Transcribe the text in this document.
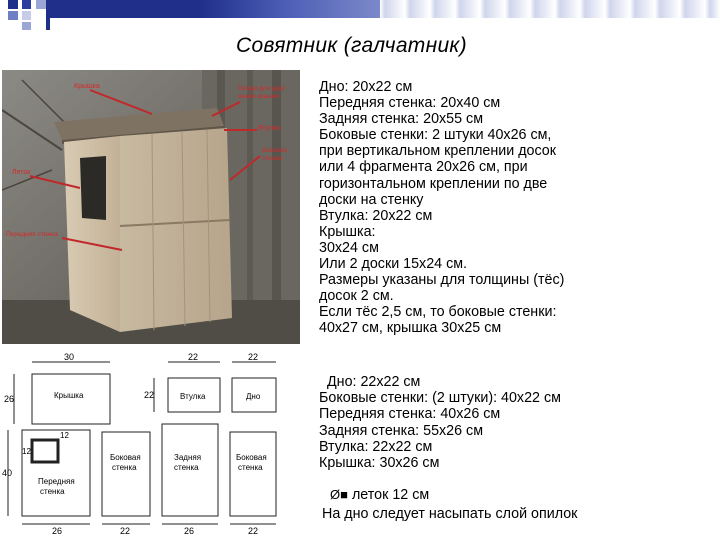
Совятник (галчатник)
Крышка	Гвозди для удер
жания крышки
Втулка
Боковая
стенка
Леток
Передняя стенка
30
26
22
22
22
40
26	22	26	22
12
12
Крышка	Втулка	Дно
Передняя
стенка
Боковая
стенка
Задняя
стенка
Боковая
стенка
Дно: 20x22 см
Передняя стенка: 20x40 см
Задняя стенка: 20x55 см
Боковые стенки: 2 штуки 40x26 см,
при вертикальном креплении досок
или 4 фрагмента 20x26 см, при
горизонтальном креплении по две
доски на стенку
Втулка: 20x22 см
Крышка:
30x24 см
Или 2 доски 15x24 см.
Размеры указаны для толщины (тёс)
досок 2 см.
Если тёс 2,5 см, то боковые стенки:
40x27 см, крышка 30x25 см
Дно: 22x22 см
Боковые стенки: (2 штуки): 40x22 см
Передняя стенка: 40x26 см
Задняя стенка: 55x26 см
Втулка: 22x22 см
Крышка: 30x26 см
Ø■ леток 12 см
На дно следует насыпать слой опилок
